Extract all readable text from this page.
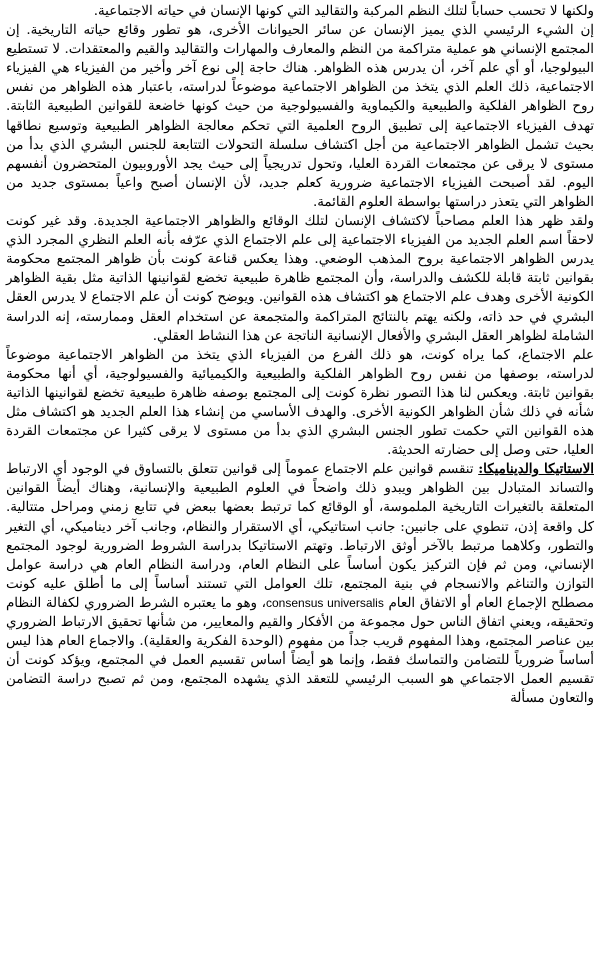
ولكنها لا تحسب حساباً لتلك النظم المركبة والتقاليد التي كونها الإنسان في حياته الاجتماعية.

إن الشيء الرئيسي الذي يميز الإنسان عن سائر الحيوانات الأخرى، هو تطور وقائع حياته التاريخية. إن المجتمع الإنساني هو عملية متراكمة من النظم والمعارف والمهارات والتقاليد والقيم والمعتقدات. لا تستطيع البيولوجيا، أو أي علم آخر، أن يدرس هذه الظواهر. هناك حاجة إلى نوع آخر وأخير من الفيزياء هي الفيزياء الاجتماعية، ذلك العلم الذي يتخذ من الظواهر الاجتماعية موضوعاً لدراسته، باعتبار هذه الظواهر من نفس روح الظواهر الفلكية والطبيعية والكيماوية والفسيولوجية من حيث كونها خاضعة للقوانين الطبيعية الثابتة. تهدف الفيزياء الاجتماعية إلى تطبيق الروح العلمية التي تحكم معالجة الظواهر الطبيعية وتوسيع نطاقها بحيث تشمل الظواهر الاجتماعية من أجل اكتشاف سلسلة التحولات التتابعة للجنس البشري الذي بدأ من مستوى لا يرقى عن مجتمعات القردة العليا، وتحول تدريجياً إلى حيث يجد الأوروبيون المتحضرون أنفسهم اليوم. لقد أصبحت الفيزياء الاجتماعية ضرورية كعلم جديد، لأن الإنسان أصبح واعياً بمستوى جديد من الظواهر التي يتعذر دراستها بواسطة العلوم القائمة.

ولقد ظهر هذا العلم مصاحباً لاكتشاف الإنسان لتلك الوقائع والظواهر الاجتماعية الجديدة. وقد غير كونت لاحقاً اسم العلم الجديد من الفيزياء الاجتماعية إلى علم الاجتماع الذي عرّفه بأنه العلم النظري المجرد الذي يدرس الظواهر الاجتماعية بروح المذهب الوضعي. وهذا يعكس قناعة كونت بأن ظواهر المجتمع محكومة بقوانين ثابتة قابلة للكشف والدراسة، وأن المجتمع ظاهرة طبيعية تخضع لقوانينها الذاتية مثل بقية الظواهر الكونية الأخرى وهدف علم الاجتماع هو اكتشاف هذه القوانين. ويوضح كونت أن علم الاجتماع لا يدرس العقل البشري في حد ذاته، ولكنه يهتم بالنتائج المتراكمة والمتجمعة عن استخدام العقل وممارسته، إنه الدراسة الشاملة لظواهر العقل البشري والأفعال الإنسانية الناتجة عن هذا النشاط العقلي.

علم الاجتماع، كما يراه كونت، هو ذلك الفرع من الفيزياء الذي يتخذ من الظواهر الاجتماعية موضوعاً لدراسته، بوصفها من نفس روح الظواهر الفلكية والطبيعية والكيميائية والفسيولوجية، أي أنها محكومة بقوانين ثابتة. ويعكس لنا هذا التصور نظرة كونت إلى المجتمع بوصفه ظاهرة طبيعية تخضع لقوانينها الذاتية شأنه في ذلك شأن الظواهر الكونية الأخرى. والهدف الأساسي من إنشاء هذا العلم الجديد هو اكتشاف مثل هذه القوانين التي حكمت تطور الجنس البشري الذي بدأ من مستوى لا يرقى كثيرا عن مجتمعات القردة العليا، حتى وصل إلى حضارته الحديثة.

الاستاتيكا والديناميكا: تنقسم قوانين علم الاجتماع عموماً إلى قوانين تتعلق بالتساوق في الوجود أي الارتباط والتساند المتبادل بين الظواهر ويبدو ذلك واضحاً في العلوم الطبيعية والإنسانية، وهناك أيضاً القوانين المتعلقة بالتغيرات التاريخية الملموسة، أو الوقائع كما ترتبط بعضها ببعض في تتابع زمني ومراحل متتالية. كل واقعة إذن، تنطوي على جانبين: جانب استاتيكي، أي الاستقرار والنظام، وجانب آخر ديناميكي، أي التغير والتطور، وكلاهما مرتبط بالآخر أوثق الارتباط. وتهتم الاستاتيكا بدراسة الشروط الضرورية لوجود المجتمع الإنساني، ومن ثم فإن التركيز يكون أساساً على النظام العام، ودراسة النظام العام هي دراسة عوامل التوازن والتناغم والانسجام في بنية المجتمع، تلك العوامل التي تستند أساساً إلى ما أطلق عليه كونت مصطلح الإجماع العام أو الاتفاق العام consensus universalis، وهو ما يعتبره الشرط الضروري لكفالة النظام وتحقيقه، ويعني اتفاق الناس حول مجموعة من الأفكار والقيم والمعايير، من شأنها تحقيق الارتباط الضروري بين عناصر المجتمع، وهذا المفهوم قريب جداً من مفهوم (الوحدة الفكرية والعقلية). والاجماع العام هذا ليس أساساً ضرورياً للتضامن والتماسك فقط، وإنما هو أيضاً أساس تقسيم العمل في المجتمع، ويؤكد كونت أن تقسيم العمل الاجتماعي هو السبب الرئيسي للتعقد الذي يشهده المجتمع، ومن ثم تصبح دراسة التضامن والتعاون مسألة
